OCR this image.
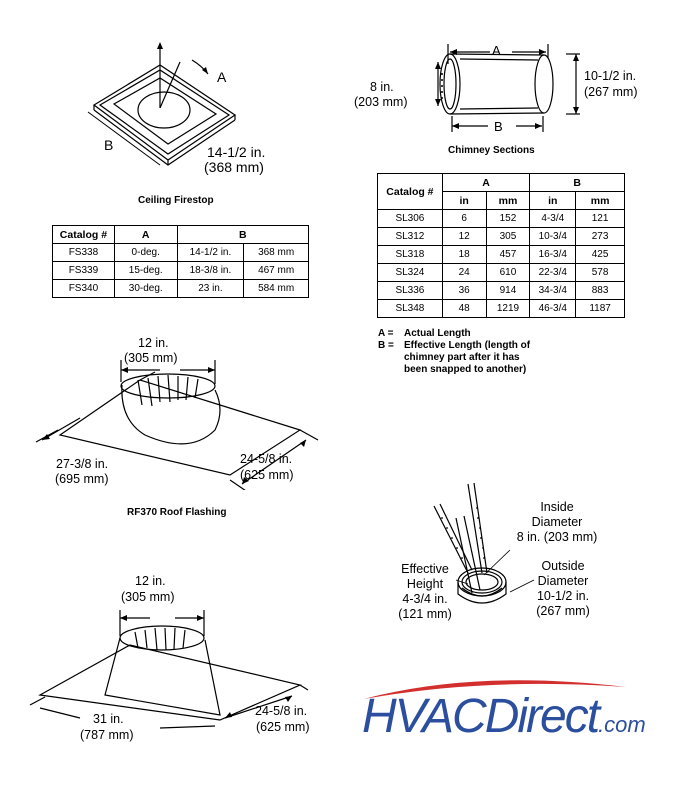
A
B	14-1/2 in.
(368 mm)
Ceiling Firestop
Catalog #	A	B	
FS338	0-deg.	14-1/2 in.	368 mm
FS339	15-deg.	18-3/8 in.	467 mm
FS340	30-deg.	23 in.	584 mm
A
B
8 in.
(203 mm)
10-1/2 in.
(267 mm)
Chimney Sections
Catalog #	A		B	
	in	mm	in	mm
SL306	6	152	4-3/4	121
SL312	12	305	10-3/4	273
SL318	18	457	16-3/4	425
SL324	24	610	22-3/4	578
SL336	36	914	34-3/4	883
SL348	48	1219	46-3/4	1187
A =	Actual Length
B =	Effective Length (length of
chimney part after it has
been snapped to another)
12 in.
(305 mm)
27-3/8 in.
(695 mm)
24-5/8 in.
(625 mm)
RF370 Roof Flashing
12 in.
(305 mm)
31 in.
(787 mm)
24-5/8 in.
(625 mm)
Inside
Diameter
8 in. (203 mm)
Outside
Diameter
10-1/2 in.
(267 mm)
Effective
Height
4-3/4 in.
(121 mm)
HVACDirect.com
